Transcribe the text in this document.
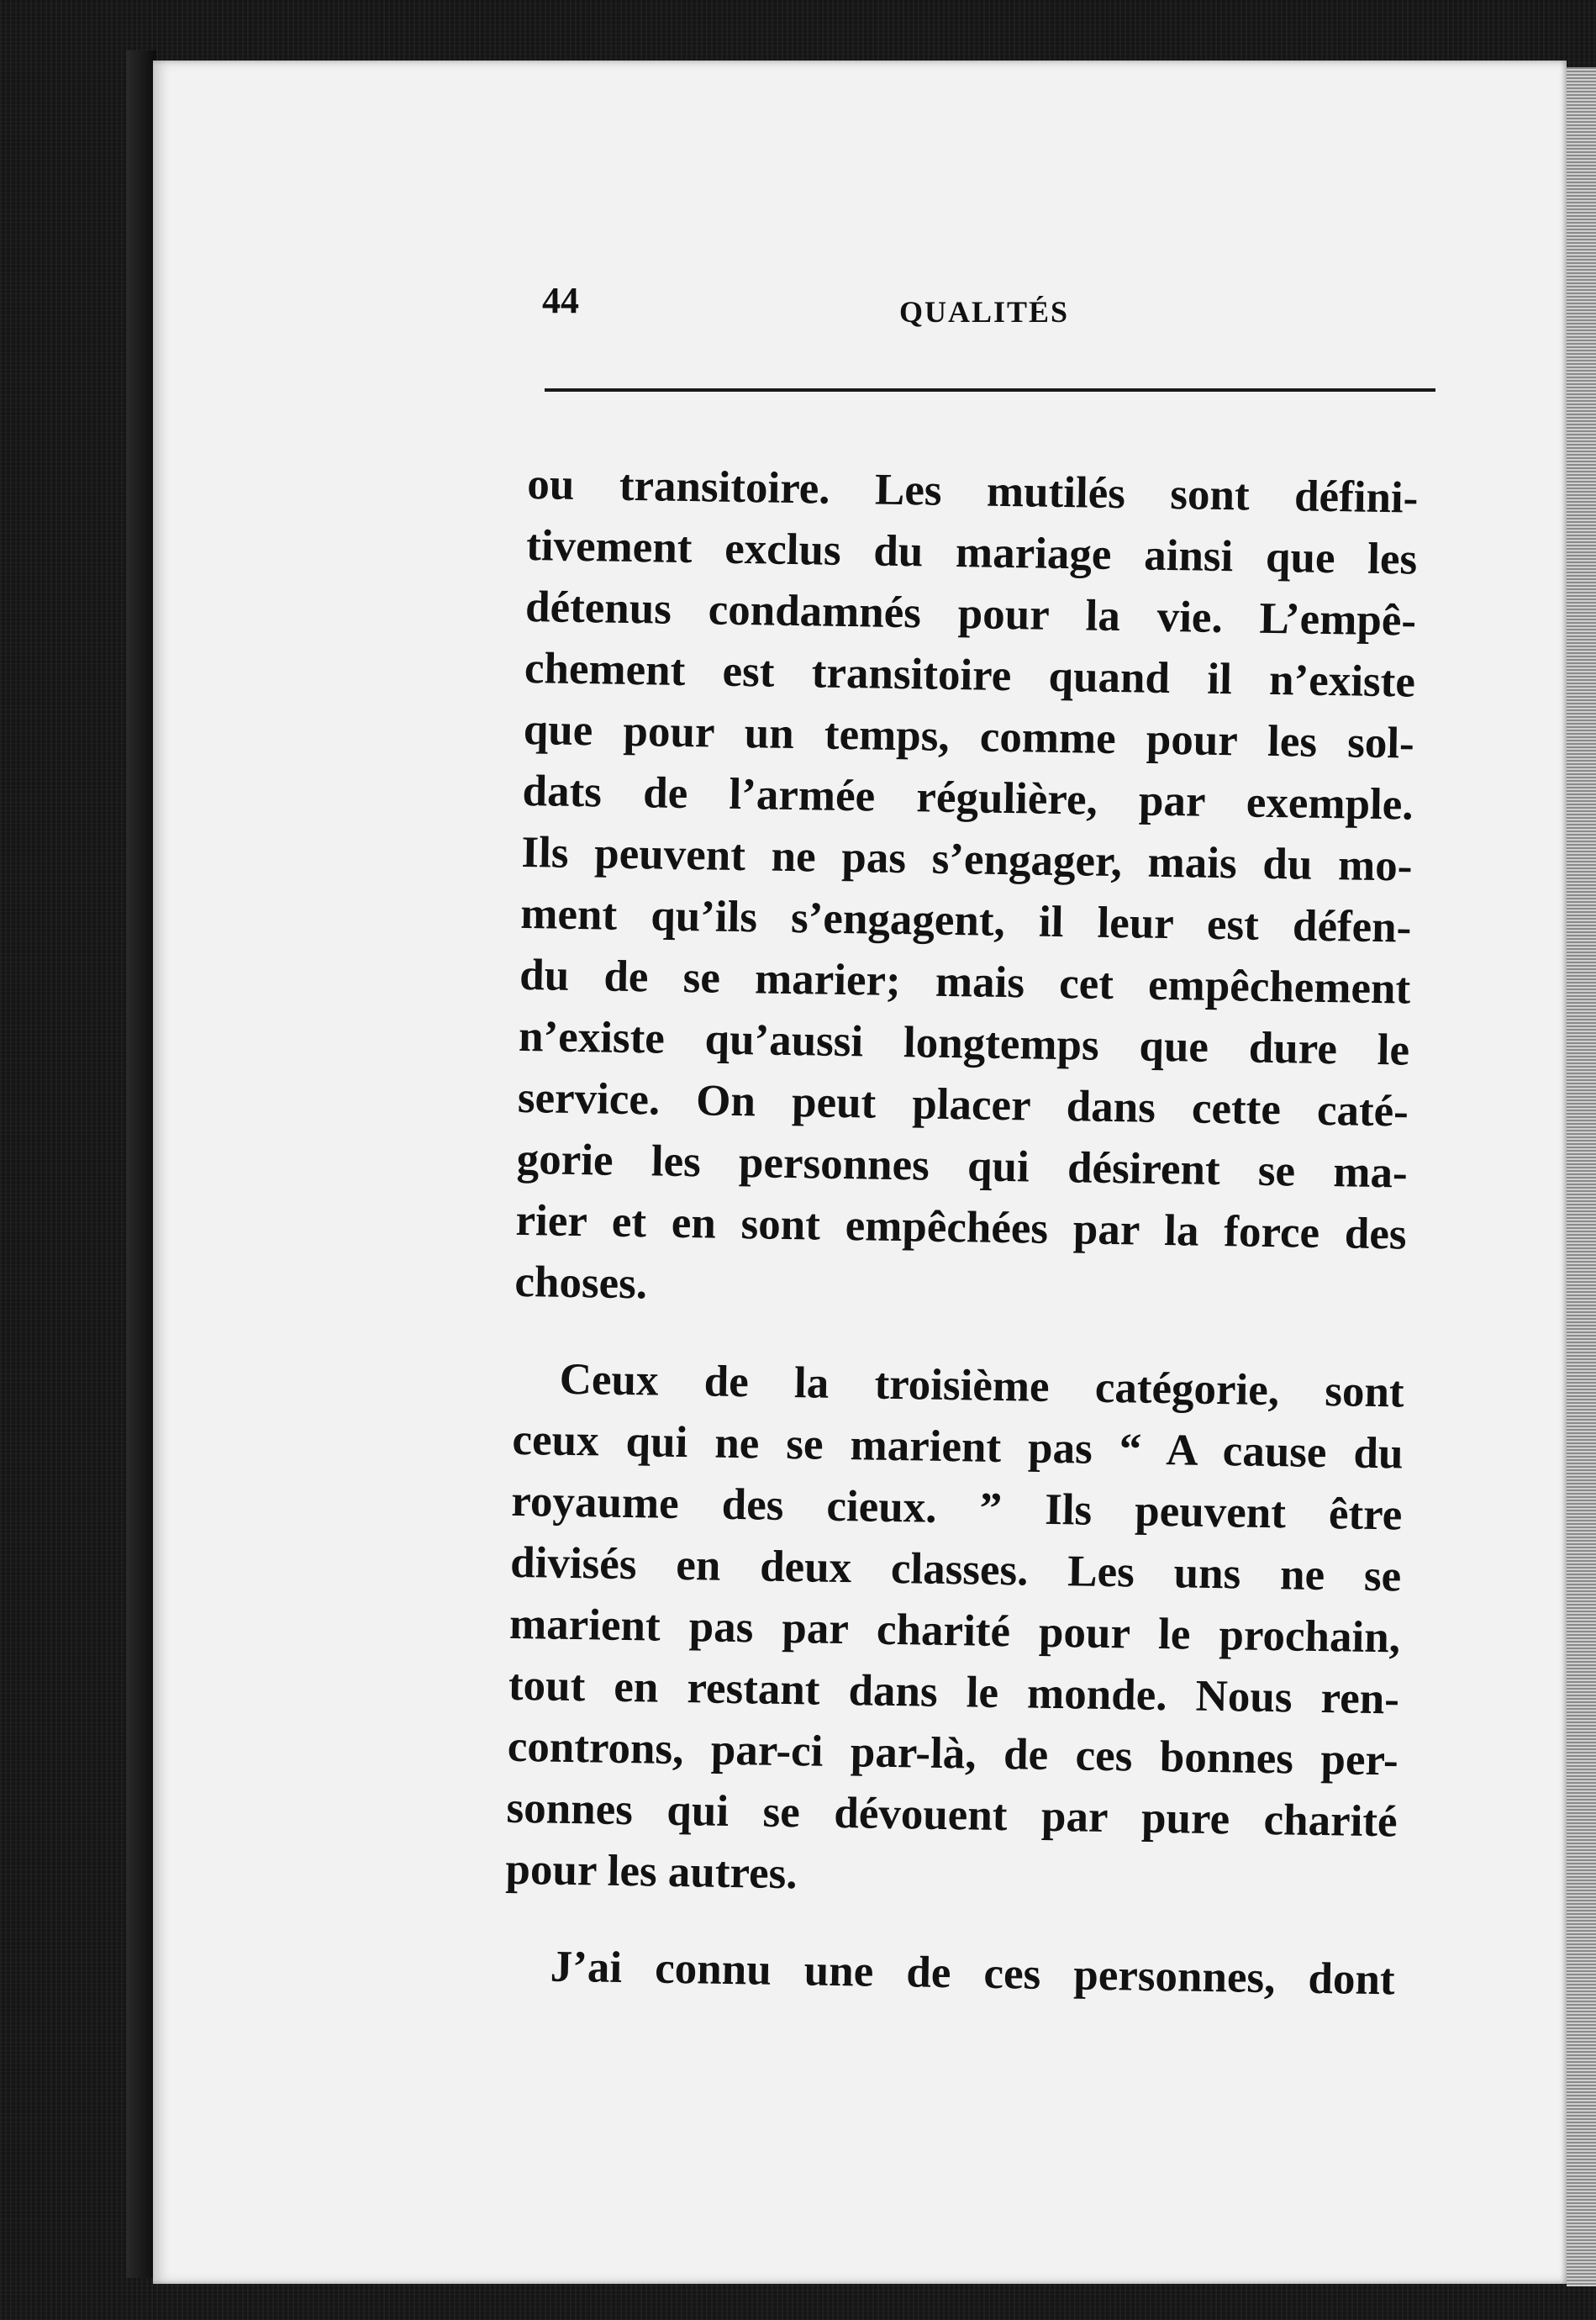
44	QUALITÉS
ou transitoire. Les mutilés sont défini-
tivement exclus du mariage ainsi que les
détenus condamnés pour la vie. L’empê-
chement est transitoire quand il n’existe
que pour un temps, comme pour les sol-
dats de l’armée régulière, par exemple.
Ils peuvent ne pas s’engager, mais du mo-
ment qu’ils s’engagent, il leur est défen-
du de se marier; mais cet empêchement
n’existe qu’aussi longtemps que dure le
service. On peut placer dans cette caté-
gorie les personnes qui désirent se ma-
rier et en sont empêchées par la force des
choses.
Ceux de la troisième catégorie, sont
ceux qui ne se marient pas “ A cause du
royaume des cieux. ” Ils peuvent être
divisés en deux classes. Les uns ne se
marient pas par charité pour le prochain,
tout en restant dans le monde. Nous ren-
controns, par-ci par-là, de ces bonnes per-
sonnes qui se dévouent par pure charité
pour les autres.
J’ai connu une de ces personnes, dont
